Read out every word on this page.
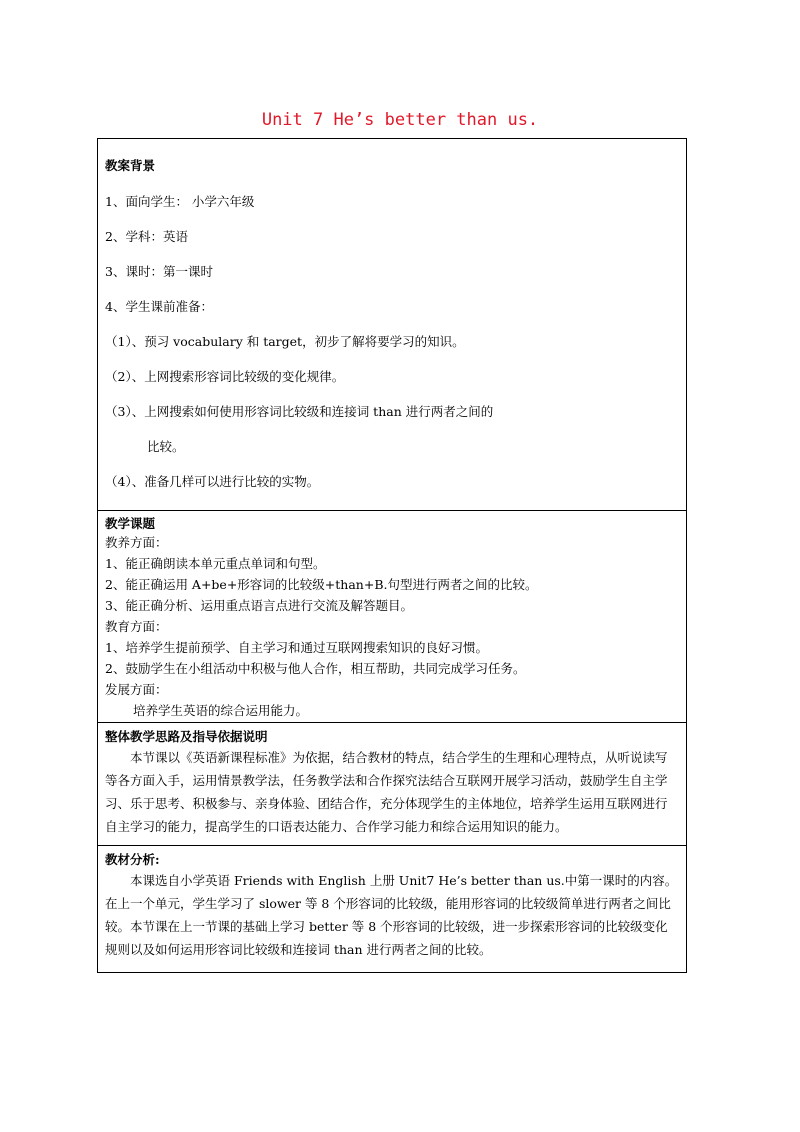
Unit 7 He’s better than us.
教案背景
1、面向学生： 小学六年级
2、学科：英语
3、课时：第一课时
4、学生课前准备：
（1）、预习 vocabulary 和 target，初步了解将要学习的知识。
（2）、上网搜索形容词比较级的变化规律。
（3）、上网搜索如何使用形容词比较级和连接词 than 进行两者之间的
比较。
（4）、准备几样可以进行比较的实物。

教学课题
教养方面：
1、能正确朗读本单元重点单词和句型。
2、能正确运用 A+be+形容词的比较级+than+B.句型进行两者之间的比较。
3、能正确分析、运用重点语言点进行交流及解答题目。
教育方面：
1、培养学生提前预学、自主学习和通过互联网搜索知识的良好习惯。
2、鼓励学生在小组活动中积极与他人合作，相互帮助，共同完成学习任务。
发展方面：
培养学生英语的综合运用能力。

整体教学思路及指导依据说明
本节课以《英语新课程标准》为依据，结合教材的特点，结合学生的生理和心理特点，从听说读写等各方面入手，运用情景教学法，任务教学法和合作探究法结合互联网开展学习活动，鼓励学生自主学习、乐于思考、积极参与、亲身体验、团结合作，充分体现学生的主体地位，培养学生运用互联网进行自主学习的能力，提高学生的口语表达能力、合作学习能力和综合运用知识的能力。

教材分析:
本课选自小学英语 Friends with English 上册 Unit7 He’s better than us.中第一课时的内容。在上一个单元，学生学习了 slower 等 8 个形容词的比较级，能用形容词的比较级简单进行两者之间比较。本节课在上一节课的基础上学习 better 等 8 个形容词的比较级，进一步探索形容词的比较级变化规则以及如何运用形容词比较级和连接词 than 进行两者之间的比较。
